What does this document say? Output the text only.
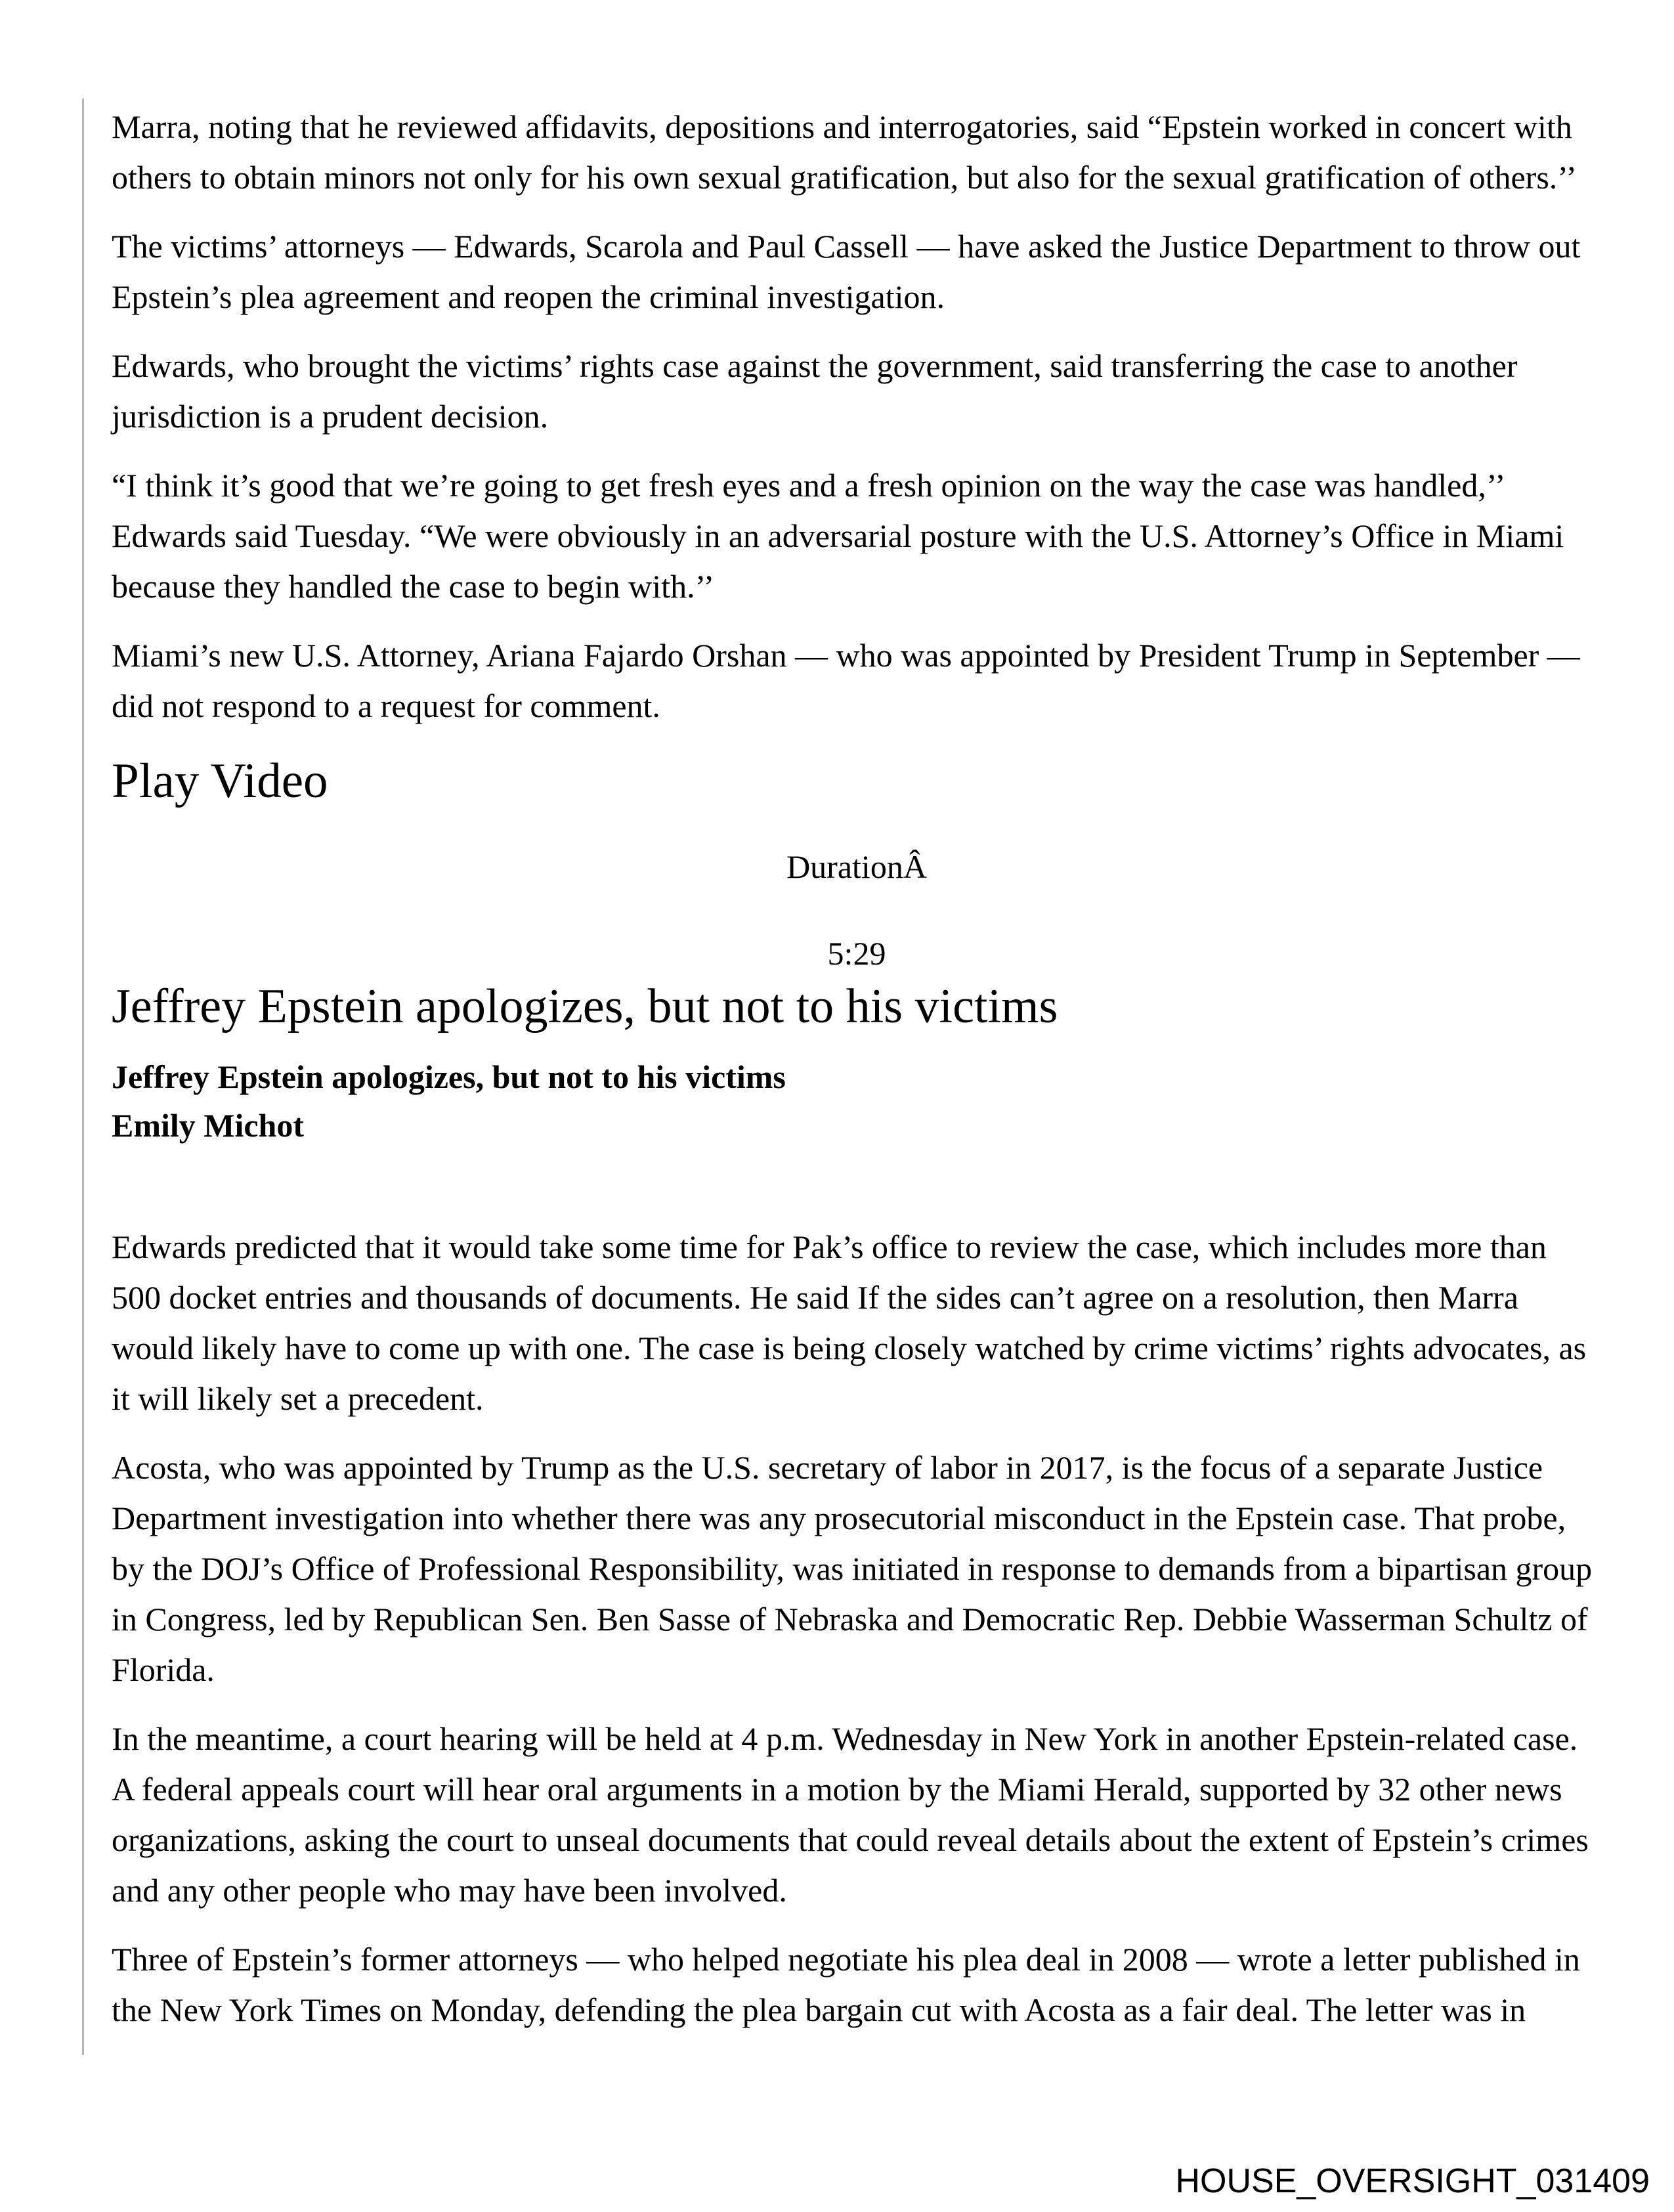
Marra, noting that he reviewed affidavits, depositions and interrogatories, said “Epstein worked in concert with others to obtain minors not only for his own sexual gratification, but also for the sexual gratification of others.’’

The victims’ attorneys — Edwards, Scarola and Paul Cassell — have asked the Justice Department to throw out Epstein’s plea agreement and reopen the criminal investigation.

Edwards, who brought the victims’ rights case against the government, said transferring the case to another jurisdiction is a prudent decision.

“I think it’s good that we’re going to get fresh eyes and a fresh opinion on the way the case was handled,’’ Edwards said Tuesday. “We were obviously in an adversarial posture with the U.S. Attorney’s Office in Miami because they handled the case to begin with.’’

Miami’s new U.S. Attorney, Ariana Fajardo Orshan — who was appointed by President Trump in September — did not respond to a request for comment.

Play Video
DurationÂ
5:29
Jeffrey Epstein apologizes, but not to his victims
Jeffrey Epstein apologizes, but not to his victims
Emily Michot

Edwards predicted that it would take some time for Pak’s office to review the case, which includes more than 500 docket entries and thousands of documents. He said If the sides can’t agree on a resolution, then Marra would likely have to come up with one. The case is being closely watched by crime victims’ rights advocates, as it will likely set a precedent.

Acosta, who was appointed by Trump as the U.S. secretary of labor in 2017, is the focus of a separate Justice Department investigation into whether there was any prosecutorial misconduct in the Epstein case. That probe, by the DOJ’s Office of Professional Responsibility, was initiated in response to demands from a bipartisan group in Congress, led by Republican Sen. Ben Sasse of Nebraska and Democratic Rep. Debbie Wasserman Schultz of Florida.

In the meantime, a court hearing will be held at 4 p.m. Wednesday in New York in another Epstein-related case. A federal appeals court will hear oral arguments in a motion by the Miami Herald, supported by 32 other news organizations, asking the court to unseal documents that could reveal details about the extent of Epstein’s crimes and any other people who may have been involved.

Three of Epstein’s former attorneys — who helped negotiate his plea deal in 2008 — wrote a letter published in the New York Times on Monday, defending the plea bargain cut with Acosta as a fair deal. The letter was in

HOUSE_OVERSIGHT_031409
